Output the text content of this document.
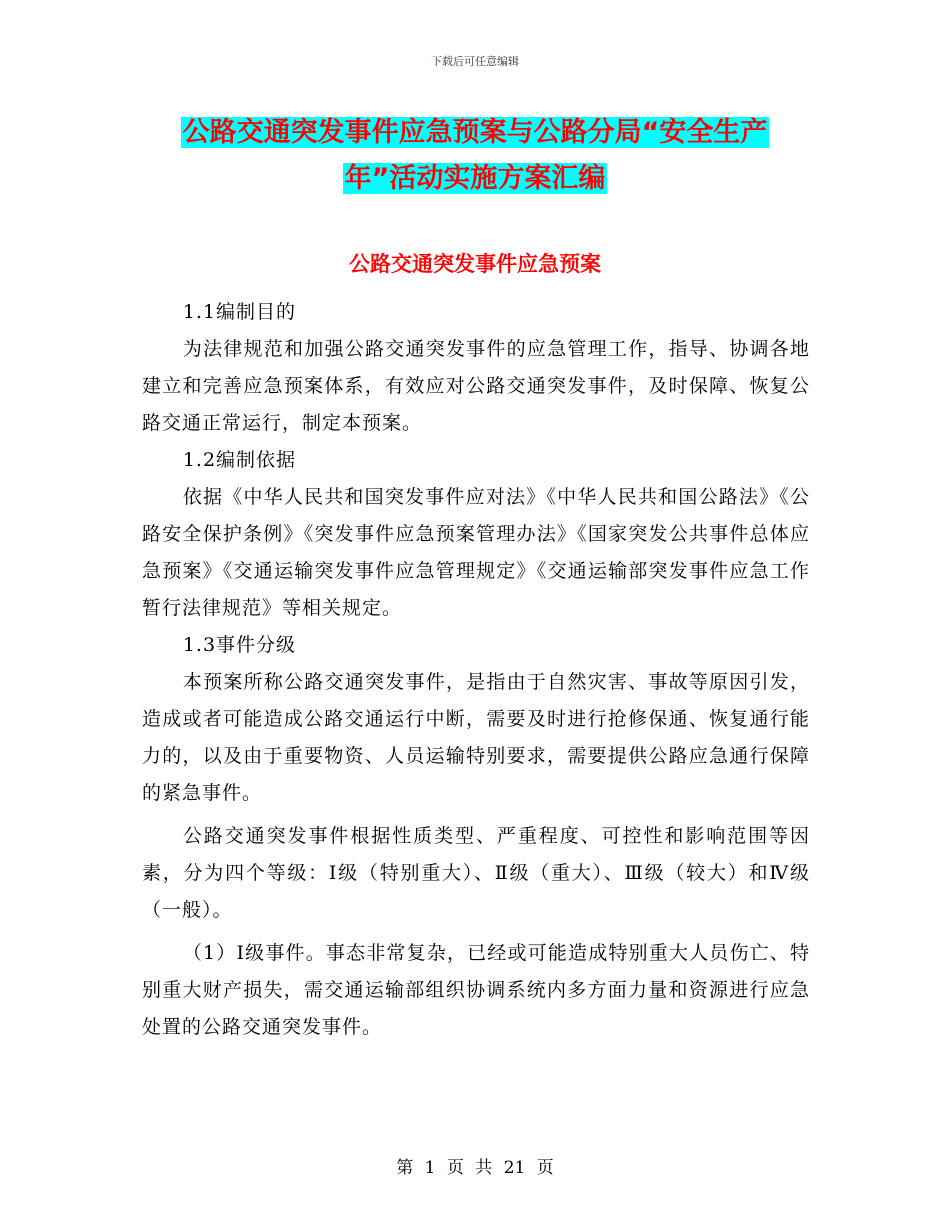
下载后可任意编辑
公路交通突发事件应急预案与公路分局“安全生产
年”活动实施方案汇编
公路交通突发事件应急预案

1.1编制目的

为法律规范和加强公路交通突发事件的应急管理工作，指导、协调各地建立和完善应急预案体系，有效应对公路交通突发事件，及时保障、恢复公路交通正常运行，制定本预案。

1.2编制依据

依据《中华人民共和国突发事件应对法》《中华人民共和国公路法》《公路安全保护条例》《突发事件应急预案管理办法》《国家突发公共事件总体应急预案》《交通运输突发事件应急管理规定》《交通运输部突发事件应急工作暂行法律规范》等相关规定。

1.3事件分级

本预案所称公路交通突发事件，是指由于自然灾害、事故等原因引发，造成或者可能造成公路交通运行中断，需要及时进行抢修保通、恢复通行能力的，以及由于重要物资、人员运输特别要求，需要提供公路应急通行保障的紧急事件。

公路交通突发事件根据性质类型、严重程度、可控性和影响范围等因素，分为四个等级：Ⅰ级（特别重大）、Ⅱ级（重大）、Ⅲ级（较大）和Ⅳ级（一般）。

（1）Ⅰ级事件。事态非常复杂，已经或可能造成特别重大人员伤亡、特别重大财产损失，需交通运输部组织协调系统内多方面力量和资源进行应急处置的公路交通突发事件。

第 1 页 共 21 页
